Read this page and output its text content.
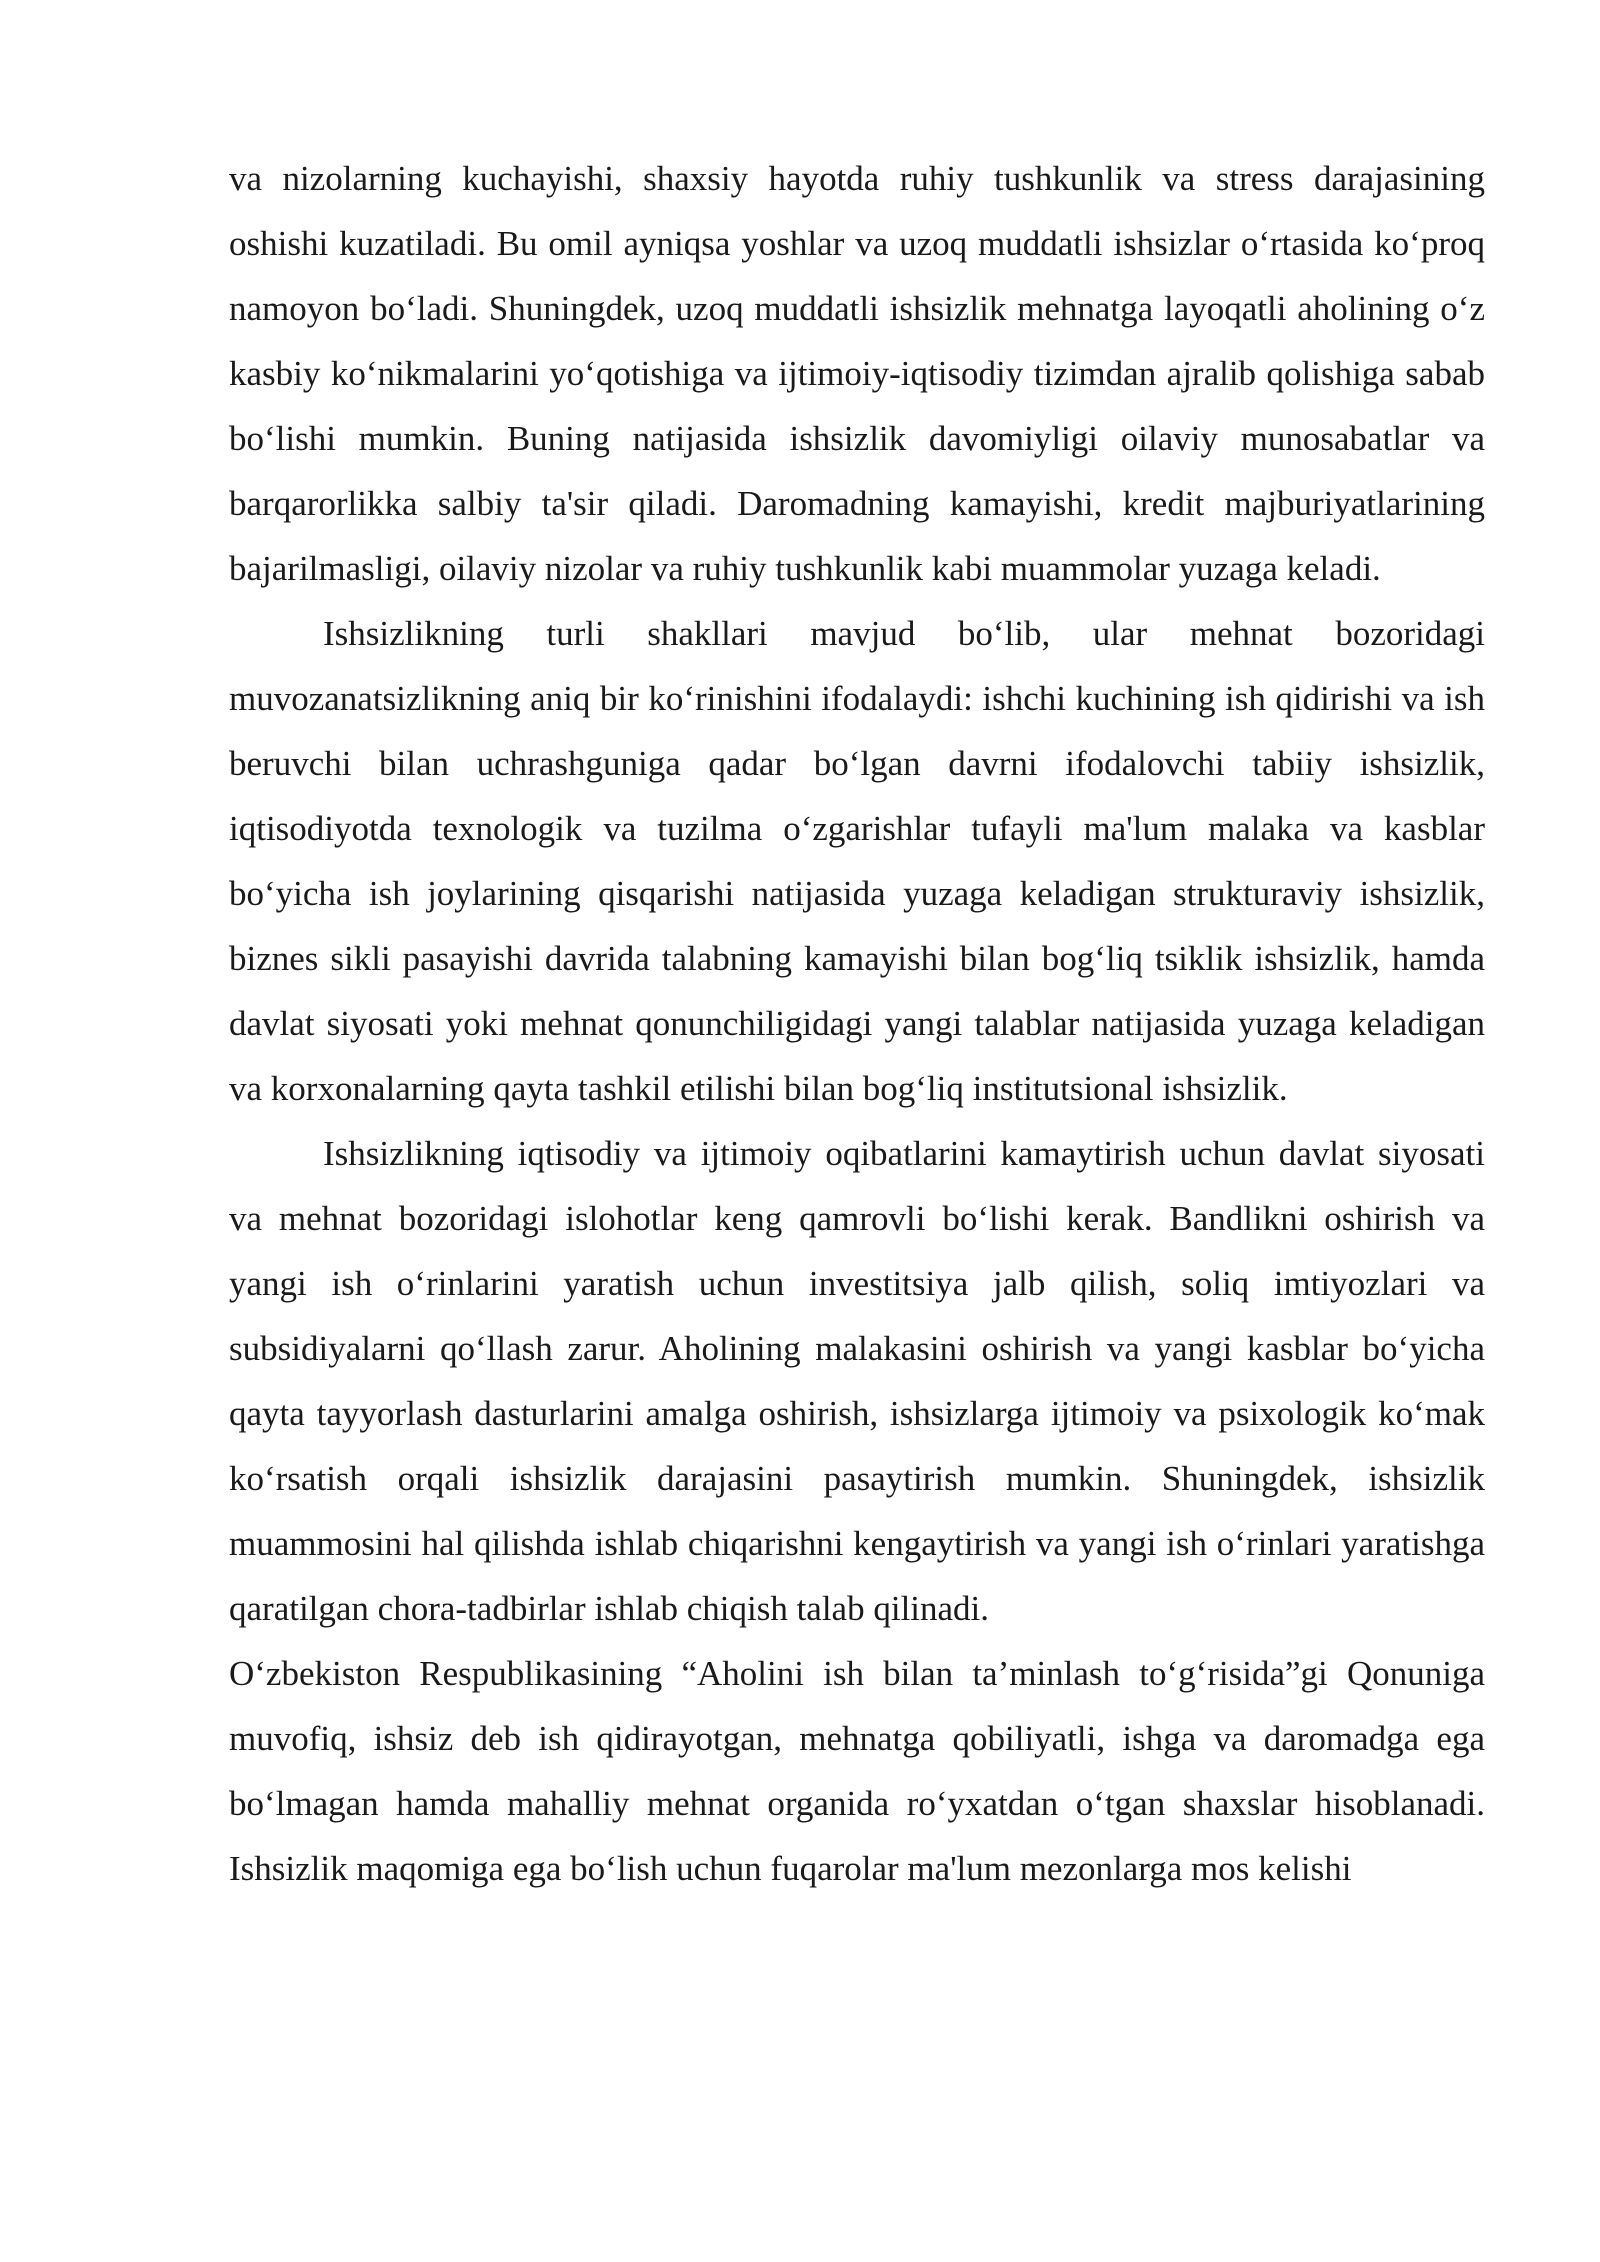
va nizolarning kuchayishi, shaxsiy hayotda ruhiy tushkunlik va stress darajasining oshishi kuzatiladi. Bu omil ayniqsa yoshlar va uzoq muddatli ishsizlar o‘rtasida ko‘proq namoyon bo‘ladi. Shuningdek, uzoq muddatli ishsizlik mehnatga layoqatli aholining o‘z kasbiy ko‘nikmalarini yo‘qotishiga va ijtimoiy-iqtisodiy tizimdan ajralib qolishiga sabab bo‘lishi mumkin. Buning natijasida ishsizlik davomiyligi oilaviy munosabatlar va barqarorlikka salbiy ta'sir qiladi. Daromadning kamayishi, kredit majburiyatlarining bajarilmasligi, oilaviy nizolar va ruhiy tushkunlik kabi muammolar yuzaga keladi.

Ishsizlikning turli shakllari mavjud bo‘lib, ular mehnat bozoridagi muvozanatsizlikning aniq bir ko‘rinishini ifodalaydi: ishchi kuchining ish qidirishi va ish beruvchi bilan uchrashguniga qadar bo‘lgan davrni ifodalovchi tabiiy ishsizlik, iqtisodiyotda texnologik va tuzilma o‘zgarishlar tufayli ma'lum malaka va kasblar bo‘yicha ish joylarining qisqarishi natijasida yuzaga keladigan strukturaviy ishsizlik, biznes sikli pasayishi davrida talabning kamayishi bilan bog‘liq tsiklik ishsizlik, hamda davlat siyosati yoki mehnat qonunchiligidagi yangi talablar natijasida yuzaga keladigan va korxonalarning qayta tashkil etilishi bilan bog‘liq institutsional ishsizlik.

Ishsizlikning iqtisodiy va ijtimoiy oqibatlarini kamaytirish uchun davlat siyosati va mehnat bozoridagi islohotlar keng qamrovli bo‘lishi kerak. Bandlikni oshirish va yangi ish o‘rinlarini yaratish uchun investitsiya jalb qilish, soliq imtiyozlari va subsidiyalarni qo‘llash zarur. Aholining malakasini oshirish va yangi kasblar bo‘yicha qayta tayyorlash dasturlarini amalga oshirish, ishsizlarga ijtimoiy va psixologik ko‘mak ko‘rsatish orqali ishsizlik darajasini pasaytirish mumkin. Shuningdek, ishsizlik muammosini hal qilishda ishlab chiqarishni kengaytirish va yangi ish o‘rinlari yaratishga qaratilgan chora-tadbirlar ishlab chiqish talab qilinadi.

O‘zbekiston Respublikasining “Aholini ish bilan ta’minlash to‘g‘risida”gi Qonuniga muvofiq, ishsiz deb ish qidirayotgan, mehnatga qobiliyatli, ishga va daromadga ega bo‘lmagan hamda mahalliy mehnat organida ro‘yxatdan o‘tgan shaxslar hisoblanadi. Ishsizlik maqomiga ega bo‘lish uchun fuqarolar ma'lum mezonlarga mos kelishi
